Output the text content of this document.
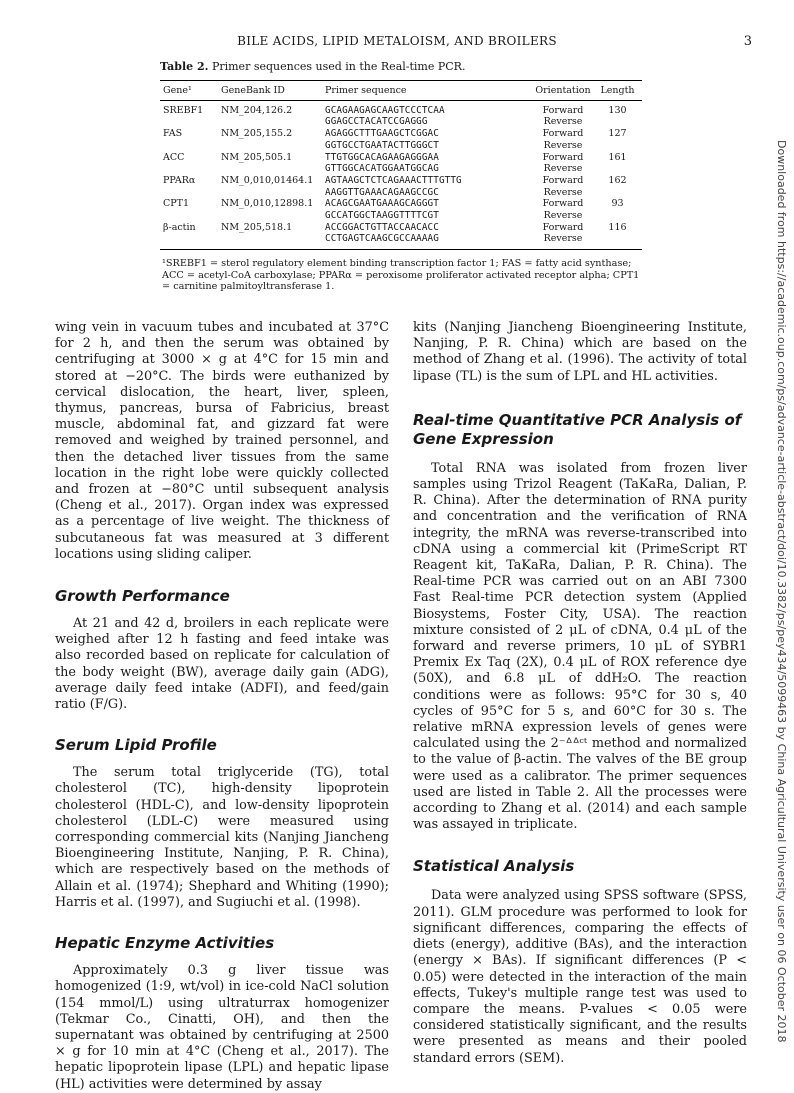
BILE ACIDS, LIPID METALOISM, AND BROILERS	3
Downloaded from https://academic.oup.com/ps/advance-article-abstract/doi/10.3382/ps/pey434/5099463 by China Agricultural University user on 06 October 2018
Table 2. Primer sequences used in the Real-time PCR.
Gene¹	GeneBank ID	Primer sequence	Orientation	Length
SREBF1	NM_204,126.2	GCAGAAGAGCAAGTCCCTCAA	Forward	130
		GGAGCCTACATCCGAGGG	Reverse	
FAS	NM_205,155.2	AGAGGCTTTGAAGCTCGGAC	Forward	127
		GGTGCCTGAATACTTGGGCT	Reverse	
ACC	NM_205,505.1	TTGTGGCACAGAAGAGGGAA	Forward	161
		GTTGGCACATGGAATGGCAG	Reverse	
PPARα	NM_0,010,01464.1	AGTAAGCTCTCAGAAACTTTGTTG	Forward	162
		AAGGTTGAAACAGAAGCCGC	Reverse	
CPT1	NM_0,010,12898.1	ACAGCGAATGAAAGCAGGGT	Forward	93
		GCCATGGCTAAGGTTTTCGT	Reverse	
β-actin	NM_205,518.1	ACCGGACTGTTACCAACACC	Forward	116
		CCTGAGTCAAGCGCCAAAAG	Reverse	
¹SREBF1 = sterol regulatory element binding transcription factor 1; FAS = fatty acid synthase; ACC = acetyl-CoA carboxylase; PPARα = peroxisome proliferator activated receptor alpha; CPT1 = carnitine palmitoyltransferase 1.

wing vein in vacuum tubes and incubated at 37°C for 2 h, and then the serum was obtained by centrifuging at 3000 × g at 4°C for 15 min and stored at −20°C. The birds were euthanized by cervical dislocation, the heart, liver, spleen, thymus, pancreas, bursa of Fabricius, breast muscle, abdominal fat, and gizzard fat were removed and weighed by trained personnel, and then the detached liver tissues from the same location in the right lobe were quickly collected and frozen at −80°C until subsequent analysis (Cheng et al., 2017). Organ index was expressed as a percentage of live weight. The thickness of subcutaneous fat was measured at 3 different locations using sliding caliper.

Growth Performance

At 21 and 42 d, broilers in each replicate were weighed after 12 h fasting and feed intake was also recorded based on replicate for calculation of the body weight (BW), average daily gain (ADG), average daily feed intake (ADFI), and feed/gain ratio (F/G).

Serum Lipid Profile

The serum total triglyceride (TG), total cholesterol (TC), high-density lipoprotein cholesterol (HDL-C), and low-density lipoprotein cholesterol (LDL-C) were measured using corresponding commercial kits (Nanjing Jiancheng Bioengineering Institute, Nanjing, P. R. China), which are respectively based on the methods of Allain et al. (1974); Shephard and Whiting (1990); Harris et al. (1997), and Sugiuchi et al. (1998).

Hepatic Enzyme Activities

Approximately 0.3 g liver tissue was homogenized (1:9, wt/vol) in ice-cold NaCl solution (154 mmol/L) using ultraturrax homogenizer (Tekmar Co., Cinatti, OH), and then the supernatant was obtained by centrifuging at 2500 × g for 10 min at 4°C (Cheng et al., 2017). The hepatic lipoprotein lipase (LPL) and hepatic lipase (HL) activities were determined by assay

kits (Nanjing Jiancheng Bioengineering Institute, Nanjing, P. R. China) which are based on the method of Zhang et al. (1996). The activity of total lipase (TL) is the sum of LPL and HL activities.

Real-time Quantitative PCR Analysis of Gene Expression

Total RNA was isolated from frozen liver samples using Trizol Reagent (TaKaRa, Dalian, P. R. China). After the determination of RNA purity and concentration and the verification of RNA integrity, the mRNA was reverse-transcribed into cDNA using a commercial kit (PrimeScript RT Reagent kit, TaKaRa, Dalian, P. R. China). The Real-time PCR was carried out on an ABI 7300 Fast Real-time PCR detection system (Applied Biosystems, Foster City, USA). The reaction mixture consisted of 2 μL of cDNA, 0.4 μL of the forward and reverse primers, 10 μL of SYBR1 Premix Ex Taq (2X), 0.4 μL of ROX reference dye (50X), and 6.8 μL of ddH₂O. The reaction conditions were as follows: 95°C for 30 s, 40 cycles of 95°C for 5 s, and 60°C for 30 s. The relative mRNA expression levels of genes were calculated using the 2⁻ᐞᐞᶜᵗ method and normalized to the value of β-actin. The valves of the BE group were used as a calibrator. The primer sequences used are listed in Table 2. All the processes were according to Zhang et al. (2014) and each sample was assayed in triplicate.

Statistical Analysis

Data were analyzed using SPSS software (SPSS, 2011). GLM procedure was performed to look for significant differences, comparing the effects of diets (energy), additive (BAs), and the interaction (energy × BAs). If significant differences (P < 0.05) were detected in the interaction of the main effects, Tukey's multiple range test was used to compare the means. P-values < 0.05 were considered statistically significant, and the results were presented as means and their pooled standard errors (SEM).
